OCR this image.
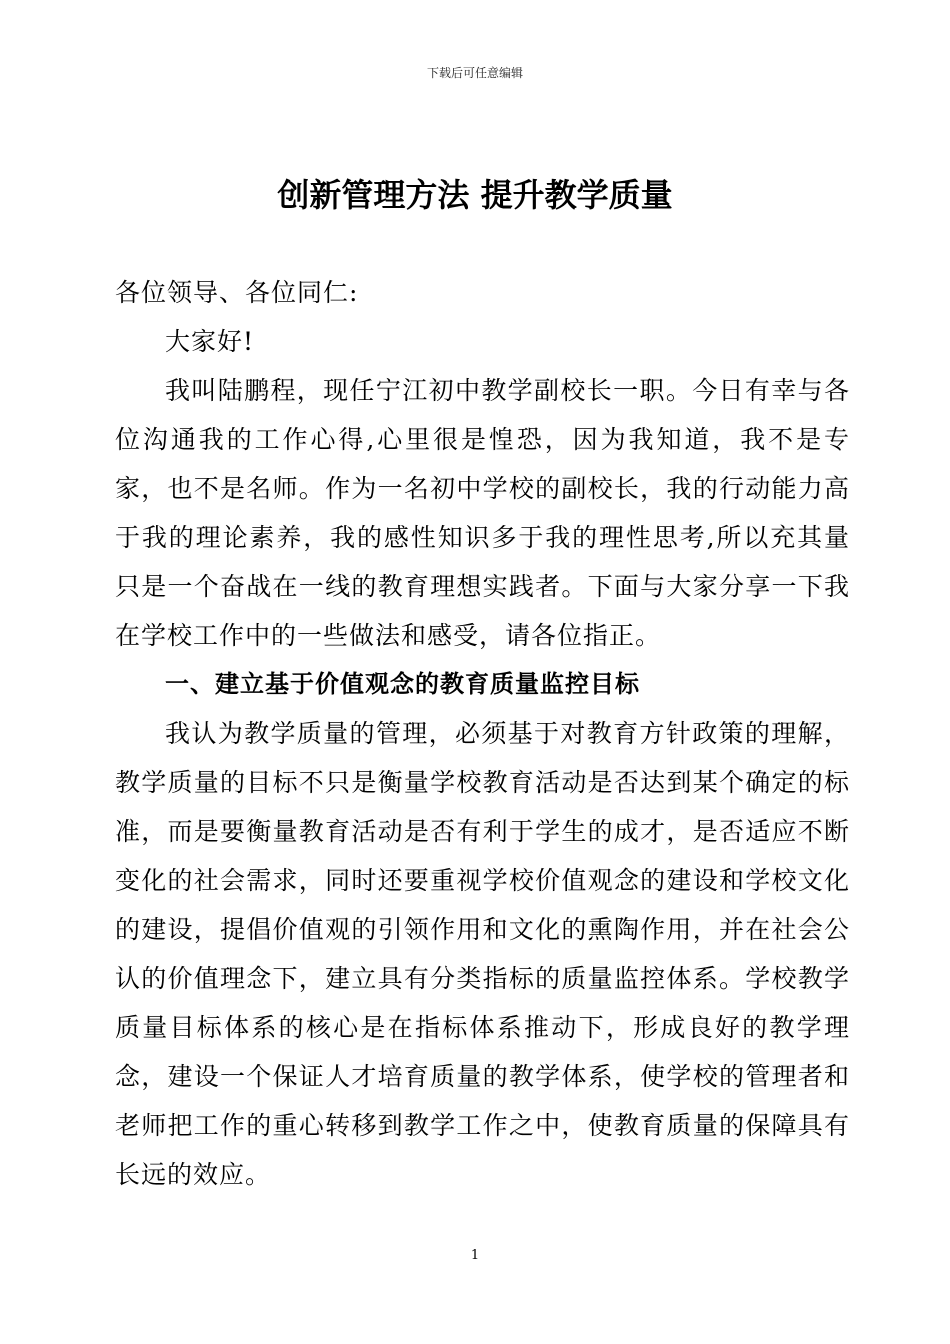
下载后可任意编辑
创新管理方法 提升教学质量

各位领导、各位同仁:

大家好!

我叫陆鹏程，现任宁江初中教学副校长一职。今日有幸与各位沟通我的工作心得,心里很是惶恐，因为我知道，我不是专家，也不是名师。作为一名初中学校的副校长，我的行动能力高于我的理论素养，我的感性知识多于我的理性思考,所以充其量只是一个奋战在一线的教育理想实践者。下面与大家分享一下我在学校工作中的一些做法和感受，请各位指正。

一、建立基于价值观念的教育质量监控目标

我认为教学质量的管理，必须基于对教育方针政策的理解，教学质量的目标不只是衡量学校教育活动是否达到某个确定的标准，而是要衡量教育活动是否有利于学生的成才，是否适应不断变化的社会需求，同时还要重视学校价值观念的建设和学校文化的建设，提倡价值观的引领作用和文化的熏陶作用，并在社会公认的价值理念下，建立具有分类指标的质量监控体系。学校教学质量目标体系的核心是在指标体系推动下，形成良好的教学理念，建设一个保证人才培育质量的教学体系，使学校的管理者和老师把工作的重心转移到教学工作之中，使教育质量的保障具有长远的效应。

1
